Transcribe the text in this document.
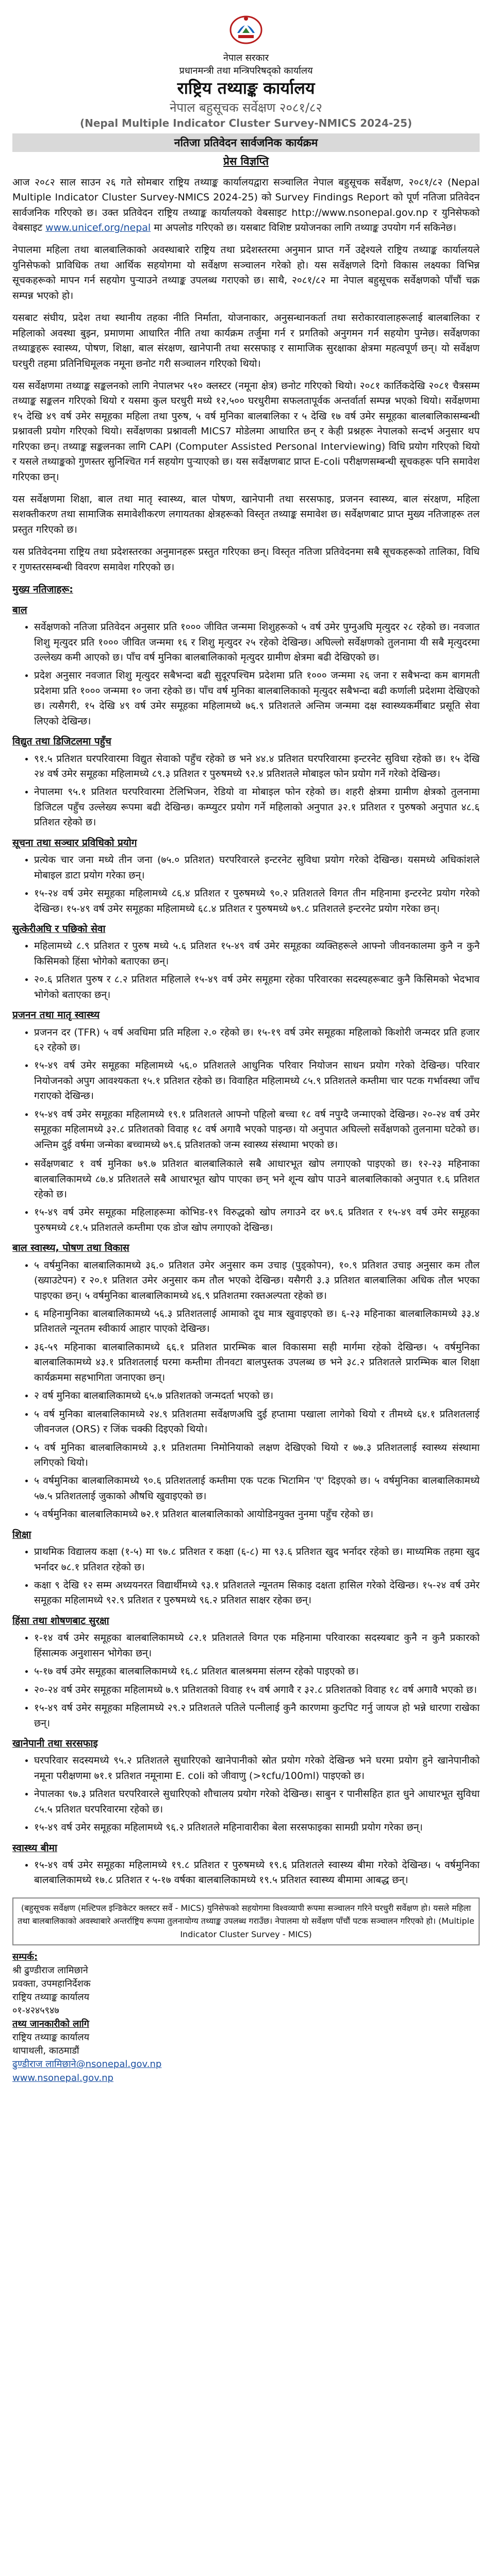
नेपाल सरकार
प्रधानमन्त्री तथा मन्त्रिपरिषद्को कार्यालय
राष्ट्रिय तथ्याङ्क कार्यालय
नेपाल बहुसूचक सर्वेक्षण २०८१/८२
(Nepal Multiple Indicator Cluster Survey-NMICS 2024-25)
नतिजा प्रतिवेदन सार्वजनिक कार्यक्रम
प्रेस विज्ञप्ति

आज २०८२ साल साउन २६ गते सोमबार राष्ट्रिय तथ्याङ्क कार्यालयद्वारा सञ्चालित नेपाल बहुसूचक सर्वेक्षण, २०८१/८२ (Nepal Multiple Indicator Cluster Survey-NMICS 2024-25) को Survey Findings Report को पूर्ण नतिजा प्रतिवेदन सार्वजनिक गरिएको छ। उक्त प्रतिवेदन राष्ट्रिय तथ्याङ्क कार्यालयको वेबसाइट http://www.nsonepal.gov.np र युनिसेफको वेबसाइट www.unicef.org/nepal मा अपलोड गरिएको छ। यसबाट विशिष्ट प्रयोजनका लागि तथ्याङ्क उपयोग गर्न सकिनेछ।

नेपालमा महिला तथा बालबालिकाको अवस्थाबारे राष्ट्रिय तथा प्रदेशस्तरमा अनुमान प्राप्त गर्ने उद्देश्यले राष्ट्रिय तथ्याङ्क कार्यालयले युनिसेफको प्राविधिक तथा आर्थिक सहयोगमा यो सर्वेक्षण सञ्चालन गरेको हो। यस सर्वेक्षणले दिगो विकास लक्ष्यका विभिन्न सूचकहरूको मापन गर्न सहयोग पुर्‍याउने तथ्याङ्क उपलब्ध गराएको छ। साथै, २०८१/८२ मा नेपाल बहुसूचक सर्वेक्षणको पाँचौं चक्र सम्पन्न भएको हो।

यसबाट संघीय, प्रदेश तथा स्थानीय तहका नीति निर्माता, योजनाकार, अनुसन्धानकर्ता तथा सरोकारवालाहरूलाई बालबालिका र महिलाको अवस्था बुझ्न, प्रमाणमा आधारित नीति तथा कार्यक्रम तर्जुमा गर्न र प्रगतिको अनुगमन गर्न सहयोग पुग्नेछ। सर्वेक्षणका तथ्याङ्कहरू स्वास्थ्य, पोषण, शिक्षा, बाल संरक्षण, खानेपानी तथा सरसफाइ र सामाजिक सुरक्षाका क्षेत्रमा महत्वपूर्ण छन्। यो सर्वेक्षण घरधुरी तहमा प्रतिनिधिमूलक नमूना छनोट गरी सञ्चालन गरिएको थियो।

यस सर्वेक्षणमा तथ्याङ्क सङ्कलनको लागि नेपालभर ५१० क्लस्टर (नमूना क्षेत्र) छनोट गरिएको थियो। २०८१ कार्तिकदेखि २०८१ चैत्रसम्म तथ्याङ्क सङ्कलन गरिएको थियो र यसमा कुल घरधुरी मध्ये १२,५०० घरधुरीमा सफलतापूर्वक अन्तर्वार्ता सम्पन्न भएको थियो। सर्वेक्षणमा १५ देखि ४९ वर्ष उमेर समूहका महिला तथा पुरुष, ५ वर्ष मुनिका बालबालिका र ५ देखि १७ वर्ष उमेर समूहका बालबालिकासम्बन्धी प्रश्नावली प्रयोग गरिएको थियो। सर्वेक्षणका प्रश्नावली MICS7 मोडेलमा आधारित छन् र केही प्रश्नहरू नेपालको सन्दर्भ अनुसार थप गरिएका छन्। तथ्याङ्क सङ्कलनका लागि CAPI (Computer Assisted Personal Interviewing) विधि प्रयोग गरिएको थियो र यसले तथ्याङ्कको गुणस्तर सुनिश्चित गर्न सहयोग पुर्‍याएको छ। यस सर्वेक्षणबाट प्राप्त E-coli परीक्षणसम्बन्धी सूचकहरू पनि समावेश गरिएका छन्।

यस सर्वेक्षणमा शिक्षा, बाल तथा मातृ स्वास्थ्य, बाल पोषण, खानेपानी तथा सरसफाइ, प्रजनन स्वास्थ्य, बाल संरक्षण, महिला सशक्तीकरण तथा सामाजिक समावेशीकरण लगायतका क्षेत्रहरूको विस्तृत तथ्याङ्क समावेश छ। सर्वेक्षणबाट प्राप्त मुख्य नतिजाहरू तल प्रस्तुत गरिएको छ।

यस प्रतिवेदनमा राष्ट्रिय तथा प्रदेशस्तरका अनुमानहरू प्रस्तुत गरिएका छन्। विस्तृत नतिजा प्रतिवेदनमा सबै सूचकहरूको तालिका, विधि र गुणस्तरसम्बन्धी विवरण समावेश गरिएको छ।

मुख्य नतिजाहरू:
बाल
• सर्वेक्षणको नतिजा प्रतिवेदन अनुसार प्रति १००० जीवित जन्ममा शिशुहरूको ५ वर्ष उमेर पुग्नुअघि मृत्युदर २८ रहेको छ। नवजात शिशु मृत्युदर प्रति १००० जीवित जन्ममा १६ र शिशु मृत्युदर २५ रहेको देखिन्छ। अघिल्लो सर्वेक्षणको तुलनामा यी सबै मृत्युदरमा उल्लेख्य कमी आएको छ। पाँच वर्ष मुनिका बालबालिकाको मृत्युदर ग्रामीण क्षेत्रमा बढी देखिएको छ।
• प्रदेश अनुसार नवजात शिशु मृत्युदर सबैभन्दा बढी सुदूरपश्चिम प्रदेशमा प्रति १००० जन्ममा २६ जना र सबैभन्दा कम बागमती प्रदेशमा प्रति १००० जन्ममा १० जना रहेको छ। पाँच वर्ष मुनिका बालबालिकाको मृत्युदर सबैभन्दा बढी कर्णाली प्रदेशमा देखिएको छ। त्यसैगरी, १५ देखि ४९ वर्ष उमेर समूहका महिलामध्ये ७६.९ प्रतिशतले अन्तिम जन्ममा दक्ष स्वास्थ्यकर्मीबाट प्रसूति सेवा लिएको देखिन्छ।
विद्युत तथा डिजिटलमा पहुँच
• ९१.५ प्रतिशत घरपरिवारमा विद्युत सेवाको पहुँच रहेको छ भने ४४.४ प्रतिशत घरपरिवारमा इन्टरनेट सुविधा रहेको छ। १५ देखि २४ वर्ष उमेर समूहका महिलामध्ये ८९.३ प्रतिशत र पुरुषमध्ये ९२.४ प्रतिशतले मोबाइल फोन प्रयोग गर्ने गरेको देखिन्छ।
• नेपालमा ९५.१ प्रतिशत घरपरिवारमा टेलिभिजन, रेडियो वा मोबाइल फोन रहेको छ। शहरी क्षेत्रमा ग्रामीण क्षेत्रको तुलनामा डिजिटल पहुँच उल्लेख्य रूपमा बढी देखिन्छ। कम्प्युटर प्रयोग गर्ने महिलाको अनुपात ३२.१ प्रतिशत र पुरुषको अनुपात ४८.६ प्रतिशत रहेको छ।
सूचना तथा सञ्चार प्रविधिको प्रयोग
• प्रत्येक चार जना मध्ये तीन जना (७५.० प्रतिशत) घरपरिवारले इन्टरनेट सुविधा प्रयोग गरेको देखिन्छ। यसमध्ये अधिकांशले मोबाइल डाटा प्रयोग गरेका छन्।
• १५-२४ वर्ष उमेर समूहका महिलामध्ये ८६.४ प्रतिशत र पुरुषमध्ये ९०.२ प्रतिशतले विगत तीन महिनामा इन्टरनेट प्रयोग गरेको देखिन्छ। १५-४९ वर्ष उमेर समूहका महिलामध्ये ६८.४ प्रतिशत र पुरुषमध्ये ७९.८ प्रतिशतले इन्टरनेट प्रयोग गरेका छन्।
सुत्केरीअघि र पछिको सेवा
• महिलामध्ये ८.९ प्रतिशत र पुरुष मध्ये ५.६ प्रतिशत १५-४९ वर्ष उमेर समूहका व्यक्तिहरूले आफ्नो जीवनकालमा कुनै न कुनै किसिमको हिंसा भोगेको बताएका छन्।
• २०.६ प्रतिशत पुरुष र ८.२ प्रतिशत महिलाले १५-४९ वर्ष उमेर समूहमा रहेका परिवारका सदस्यहरूबाट कुनै किसिमको भेदभाव भोगेको बताएका छन्।
प्रजनन तथा मातृ स्वास्थ्य
• प्रजनन दर (TFR) ५ वर्ष अवधिमा प्रति महिला २.० रहेको छ। १५-१९ वर्ष उमेर समूहका महिलाको किशोरी जन्मदर प्रति हजार ६२ रहेको छ।
• १५-४९ वर्ष उमेर समूहका महिलामध्ये ५६.० प्रतिशतले आधुनिक परिवार नियोजन साधन प्रयोग गरेको देखिन्छ। परिवार नियोजनको अपुग आवश्यकता १५.१ प्रतिशत रहेको छ। विवाहित महिलामध्ये ८५.९ प्रतिशतले कम्तीमा चार पटक गर्भावस्था जाँच गराएको देखिन्छ।
• १५-४९ वर्ष उमेर समूहका महिलामध्ये १९.१ प्रतिशतले आफ्नो पहिलो बच्चा १८ वर्ष नपुग्दै जन्माएको देखिन्छ। २०-२४ वर्ष उमेर समूहका महिलामध्ये ३२.८ प्रतिशतको विवाह १८ वर्ष अगावै भएको पाइन्छ। यो अनुपात अघिल्लो सर्वेक्षणको तुलनामा घटेको छ। अन्तिम दुई वर्षमा जन्मेका बच्चामध्ये ७९.६ प्रतिशतको जन्म स्वास्थ्य संस्थामा भएको छ।
• सर्वेक्षणबाट १ वर्ष मुनिका ७९.७ प्रतिशत बालबालिकाले सबै आधारभूत खोप लगाएको पाइएको छ। १२-२३ महिनाका बालबालिकामध्ये ८७.४ प्रतिशतले सबै आधारभूत खोप पाएका छन् भने शून्य खोप पाउने बालबालिकाको अनुपात १.६ प्रतिशत रहेको छ।
• १५-४९ वर्ष उमेर समूहका महिलाहरूमा कोभिड-१९ विरुद्धको खोप लगाउने दर ७९.६ प्रतिशत र १५-४९ वर्ष उमेर समूहका पुरुषमध्ये ८१.५ प्रतिशतले कम्तीमा एक डोज खोप लगाएको देखिन्छ।
बाल स्वास्थ्य, पोषण तथा विकास
• ५ वर्षमुनिका बालबालिकामध्ये ३६.० प्रतिशत उमेर अनुसार कम उचाइ (पुड्कोपन), १०.९ प्रतिशत उचाइ अनुसार कम तौल (ख्याउटेपन) र २०.१ प्रतिशत उमेर अनुसार कम तौल भएको देखिन्छ। यसैगरी ३.३ प्रतिशत बालबालिका अधिक तौल भएका पाइएका छन्। ५ वर्षमुनिका बालबालिकामध्ये ४६.९ प्रतिशतमा रक्तअल्पता रहेको छ।
• ६ महिनामुनिका बालबालिकामध्ये ५६.३ प्रतिशतलाई आमाको दूध मात्र खुवाइएको छ। ६-२३ महिनाका बालबालिकामध्ये ३३.४ प्रतिशतले न्यूनतम स्वीकार्य आहार पाएको देखिन्छ।
• ३६-५९ महिनाका बालबालिकामध्ये ६६.१ प्रतिशत प्रारम्भिक बाल विकासमा सही मार्गमा रहेको देखिन्छ। ५ वर्षमुनिका बालबालिकामध्ये ४३.१ प्रतिशतलाई घरमा कम्तीमा तीनवटा बालपुस्तक उपलब्ध छ भने ३८.२ प्रतिशतले प्रारम्भिक बाल शिक्षा कार्यक्रममा सहभागिता जनाएका छन्।
• २ वर्ष मुनिका बालबालिकामध्ये ६५.७ प्रतिशतको जन्मदर्ता भएको छ।
• ५ वर्ष मुनिका बालबालिकामध्ये २४.९ प्रतिशतमा सर्वेक्षणअघि दुई हप्तामा पखाला लागेको थियो र तीमध्ये ६४.१ प्रतिशतलाई जीवनजल (ORS) र जिंक चक्की दिइएको थियो।
• ५ वर्ष मुनिका बालबालिकामध्ये ३.१ प्रतिशतमा निमोनियाको लक्षण देखिएको थियो र ७७.३ प्रतिशतलाई स्वास्थ्य संस्थामा लगिएको थियो।
• ५ वर्षमुनिका बालबालिकामध्ये ९०.६ प्रतिशतलाई कम्तीमा एक पटक भिटामिन 'ए' दिइएको छ। ५ वर्षमुनिका बालबालिकामध्ये ५७.५ प्रतिशतलाई जुकाको औषधि खुवाइएको छ।
• ५ वर्षमुनिका बालबालिकामध्ये ७२.१ प्रतिशत बालबालिकाको आयोडिनयुक्त नुनमा पहुँच रहेको छ।
शिक्षा
• प्राथमिक विद्यालय कक्षा (१-५) मा ९७.८ प्रतिशत र कक्षा (६-८) मा ९३.६ प्रतिशत खुद भर्नादर रहेको छ। माध्यमिक तहमा खुद भर्नादर ७८.१ प्रतिशत रहेको छ।
• कक्षा ९ देखि १२ सम्म अध्ययनरत विद्यार्थीमध्ये ९३.१ प्रतिशतले न्यूनतम सिकाइ दक्षता हासिल गरेको देखिन्छ। १५-२४ वर्ष उमेर समूहका महिलामध्ये ९२.९ प्रतिशत र पुरुषमध्ये ९६.२ प्रतिशत साक्षर रहेका छन्।
हिंसा तथा शोषणबाट सुरक्षा
• १-१४ वर्ष उमेर समूहका बालबालिकामध्ये ८२.१ प्रतिशतले विगत एक महिनामा परिवारका सदस्यबाट कुनै न कुनै प्रकारको हिंसात्मक अनुशासन भोगेका छन्।
• ५-१७ वर्ष उमेर समूहका बालबालिकामध्ये १६.८ प्रतिशत बालश्रममा संलग्न रहेको पाइएको छ।
• २०-२४ वर्ष उमेर समूहका महिलामध्ये ७.९ प्रतिशतको विवाह १५ वर्ष अगावै र ३२.८ प्रतिशतको विवाह १८ वर्ष अगावै भएको छ।
• १५-४९ वर्ष उमेर समूहका महिलामध्ये २९.२ प्रतिशतले पतिले पत्नीलाई कुनै कारणमा कुटपिट गर्नु जायज हो भन्ने धारणा राखेका छन्।
खानेपानी तथा सरसफाइ
• घरपरिवार सदस्यमध्ये ९५.२ प्रतिशतले सुधारिएको खानेपानीको स्रोत प्रयोग गरेको देखिन्छ भने घरमा प्रयोग हुने खानेपानीको नमूना परीक्षणमा ७१.१ प्रतिशत नमूनामा E. coli को जीवाणु (>१cfu/100ml) पाइएको छ।
• नेपालका ९७.३ प्रतिशत घरपरिवारले सुधारिएको शौचालय प्रयोग गरेको देखिन्छ। साबुन र पानीसहित हात धुने आधारभूत सुविधा ८५.५ प्रतिशत घरपरिवारमा रहेको छ।
• १५-४९ वर्ष उमेर समूहका महिलामध्ये ९६.२ प्रतिशतले महिनावारीका बेला सरसफाइका सामग्री प्रयोग गरेका छन्।
स्वास्थ्य बीमा
• १५-४९ वर्ष उमेर समूहका महिलामध्ये १९.८ प्रतिशत र पुरुषमध्ये १९.६ प्रतिशतले स्वास्थ्य बीमा गरेको देखिन्छ। ५ वर्षमुनिका बालबालिकामध्ये १७.८ प्रतिशत र ५-१७ वर्षका बालबालिकामध्ये १९.५ प्रतिशत स्वास्थ्य बीमामा आबद्ध छन्।
(बहुसूचक सर्वेक्षण (मल्टिपल इन्डिकेटर क्लस्टर सर्वे - MICS) युनिसेफको सहयोगमा विश्वव्यापी रूपमा सञ्चालन गरिने घरधुरी सर्वेक्षण हो। यसले महिला तथा बालबालिकाको अवस्थाबारे अन्तर्राष्ट्रिय रूपमा तुलनायोग्य तथ्याङ्क उपलब्ध गराउँछ। नेपालमा यो सर्वेक्षण पाँचौं पटक सञ्चालन गरिएको हो। (Multiple Indicator Cluster Survey - MICS)
सम्पर्क:
श्री ढुण्डीराज लामिछाने
प्रवक्ता, उपमहानिर्देशक
राष्ट्रिय तथ्याङ्क कार्यालय
०१-४२४५९४७
तथ्य जानकारीको लागि
राष्ट्रिय तथ्याङ्क कार्यालय
थापाथली, काठमाडौं
ढुण्डीराज लामिछाने@nsonepal.gov.np
www.nsonepal.gov.np
